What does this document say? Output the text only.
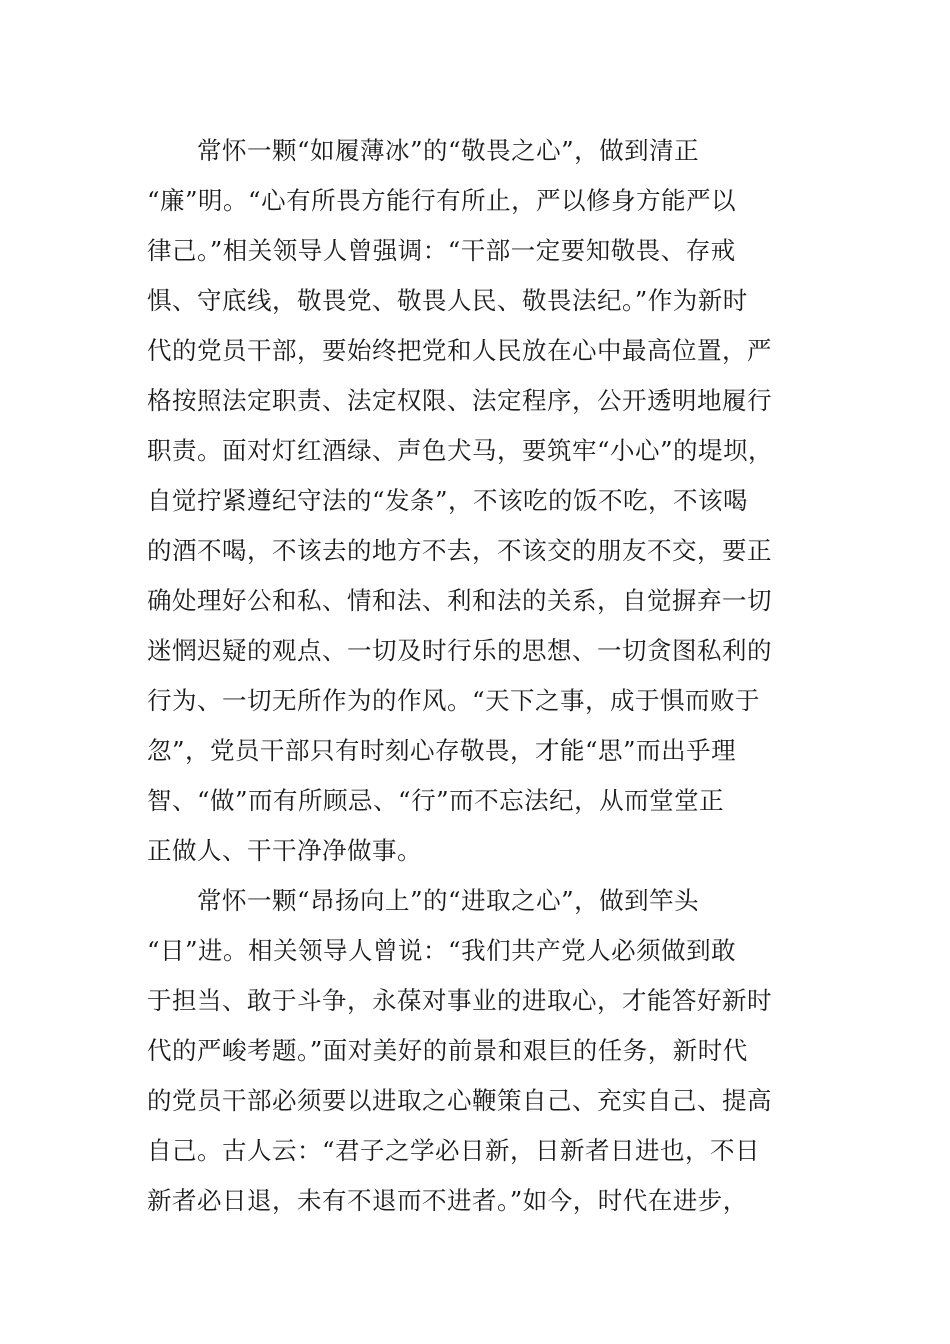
　　常怀一颗“如履薄冰”的“敬畏之心”，做到清正
“廉”明。“心有所畏方能行有所止，严以修身方能严以
律己。”相关领导人曾强调：“干部一定要知敬畏、存戒
惧、守底线，敬畏党、敬畏人民、敬畏法纪。”作为新时
代的党员干部，要始终把党和人民放在心中最高位置，严
格按照法定职责、法定权限、法定程序，公开透明地履行
职责。面对灯红酒绿、声色犬马，要筑牢“小心”的堤坝，
自觉拧紧遵纪守法的“发条”，不该吃的饭不吃，不该喝
的酒不喝，不该去的地方不去，不该交的朋友不交，要正
确处理好公和私、情和法、利和法的关系，自觉摒弃一切
迷惘迟疑的观点、一切及时行乐的思想、一切贪图私利的
行为、一切无所作为的作风。“天下之事，成于惧而败于
忽”，党员干部只有时刻心存敬畏，才能“思”而出乎理
智、“做”而有所顾忌、“行”而不忘法纪，从而堂堂正
正做人、干干净净做事。
　　常怀一颗“昂扬向上”的“进取之心”，做到竿头
“日”进。相关领导人曾说：“我们共产党人必须做到敢
于担当、敢于斗争，永葆对事业的进取心，才能答好新时
代的严峻考题。”面对美好的前景和艰巨的任务，新时代
的党员干部必须要以进取之心鞭策自己、充实自己、提高
自己。古人云：“君子之学必日新，日新者日进也，不日
新者必日退，未有不退而不进者。”如今，时代在进步，
